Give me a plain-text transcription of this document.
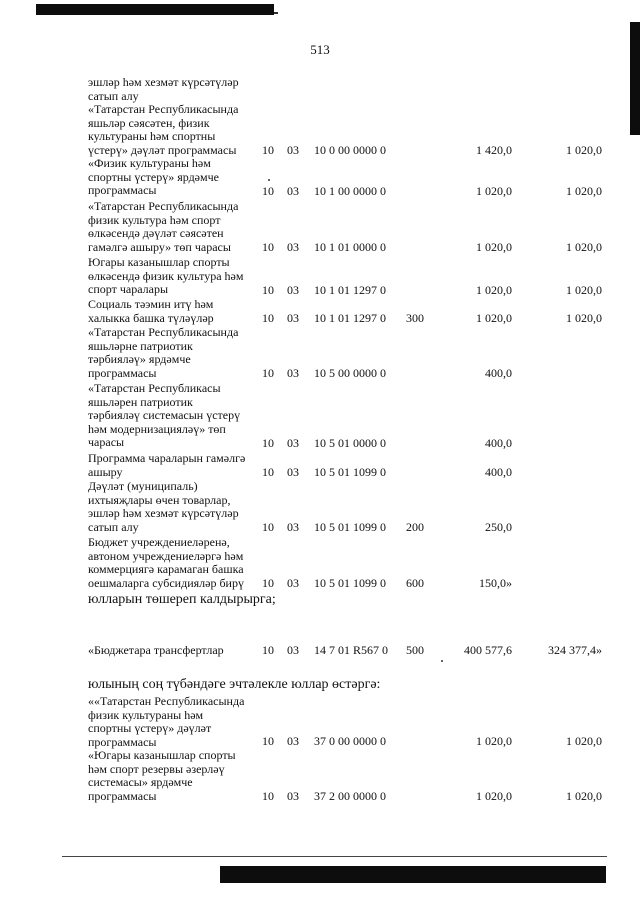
513
эшләр һәм хезмәт күрсәтүләр
сатып алу
«Татарстан Республикасында
яшьләр сәясәтен, физик
культураны һәм спортны
үстерү» дәүләт программасы	10 03 10 0 00 0000 0	1 420,0	1 020,0
«Физик культураны һәм
спортны үстерү» ярдәмче
программасы	10 03 10 1 00 0000 0	1 020,0	1 020,0
«Татарстан Республикасында
физик культура һәм спорт
өлкәсендә дәүләт сәясәтен
гамәлгә ашыру» төп чарасы	10 03 10 1 01 0000 0	1 020,0	1 020,0
Югары казанышлар спорты
өлкәсендә физик культура һәм
спорт чаралары	10 03 10 1 01 1297 0	1 020,0	1 020,0
Социаль тәэмин итү һәм
халыкка башка түләүләр	10 03 10 1 01 1297 0 300	1 020,0	1 020,0
«Татарстан Республикасында
яшьләрне патриотик
тәрбияләү» ярдәмче
программасы	10 03 10 5 00 0000 0	400,0
«Татарстан Республикасы
яшьләрен патриотик
тәрбияләү системасын үстерү
һәм модернизацияләү» төп
чарасы	10 03 10 5 01 0000 0	400,0
Программа чараларын гамәлгә
ашыру	10 03 10 5 01 1099 0	400,0
Дәүләт (муниципаль)
ихтыяҗлары өчен товарлар,
эшләр һәм хезмәт күрсәтүләр
сатып алу	10 03 10 5 01 1099 0 200	250,0
Бюджет учреждениеләренә,
автоном учреждениеләргә һәм
коммерциягә карамаган башка
оешмаларга субсидияләр бирү	10 03 10 5 01 1099 0 600	150,0»
юлларын төшереп калдырырга;
«Бюджетара трансфертлар	10 03 14 7 01 R567 0 500	400 577,6	324 377,4»
юлының соң түбәндәге эчтәлекле юллар өстәргә:
««Татарстан Республикасында
физик культураны һәм
спортны үстерү» дәүләт
программасы	10 03 37 0 00 0000 0	1 020,0	1 020,0
«Югары казанышлар спорты
һәм спорт резервы әзерләү
системасы» ярдәмче
программасы	10 03 37 2 00 0000 0	1 020,0	1 020,0
